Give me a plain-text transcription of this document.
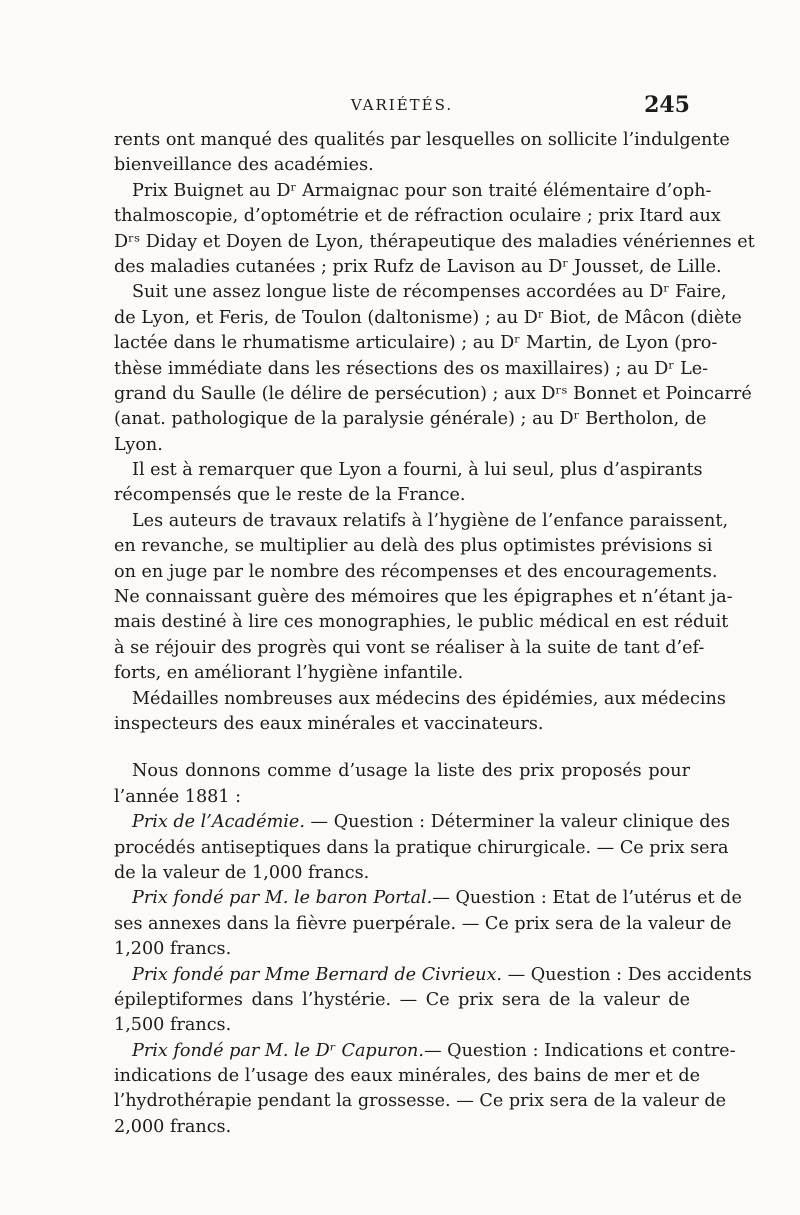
VARIÉTÉS.	245
rents ont manqué des qualités par lesquelles on sollicite l’indulgente
bienveillance des académies.
Prix Buignet au Dʳ Armaignac pour son traité élémentaire d’oph-
thalmoscopie, d’optométrie et de réfraction oculaire ; prix Itard aux
Dʳˢ Diday et Doyen de Lyon, thérapeutique des maladies vénériennes et
des maladies cutanées ; prix Rufz de Lavison au Dʳ Jousset, de Lille.
Suit une assez longue liste de récompenses accordées au Dʳ Faire,
de Lyon, et Feris, de Toulon (daltonisme) ; au Dʳ Biot, de Mâcon (diète
lactée dans le rhumatisme articulaire) ; au Dʳ Martin, de Lyon (pro-
thèse immédiate dans les résections des os maxillaires) ; au Dʳ Le-
grand du Saulle (le délire de persécution) ; aux Dʳˢ Bonnet et Poincarré
(anat. pathologique de la paralysie générale) ; au Dʳ Bertholon, de
Lyon.
Il est à remarquer que Lyon a fourni, à lui seul, plus d’aspirants
récompensés que le reste de la France.
Les auteurs de travaux relatifs à l’hygiène de l’enfance paraissent,
en revanche, se multiplier au delà des plus optimistes prévisions si
on en juge par le nombre des récompenses et des encouragements.
Ne connaissant guère des mémoires que les épigraphes et n’étant ja-
mais destiné à lire ces monographies, le public médical en est réduit
à se réjouir des progrès qui vont se réaliser à la suite de tant d’ef-
forts, en améliorant l’hygiène infantile.
Médailles nombreuses aux médecins des épidémies, aux médecins
inspecteurs des eaux minérales et vaccinateurs.
Nous donnons comme d’usage la liste des prix proposés pour
l’année 1881 :
Prix de l’Académie. — Question : Déterminer la valeur clinique des
procédés antiseptiques dans la pratique chirurgicale. — Ce prix sera
de la valeur de 1,000 francs.
Prix fondé par M. le baron Portal.— Question : Etat de l’utérus et de
ses annexes dans la fièvre puerpérale. — Ce prix sera de la valeur de
1,200 francs.
Prix fondé par Mme Bernard de Civrieux. — Question : Des accidents
épileptiformes dans l’hystérie. — Ce prix sera de la valeur de
1,500 francs.
Prix fondé par M. le Dʳ Capuron.— Question : Indications et contre-
indications de l’usage des eaux minérales, des bains de mer et de
l’hydrothérapie pendant la grossesse. — Ce prix sera de la valeur de
2,000 francs.
